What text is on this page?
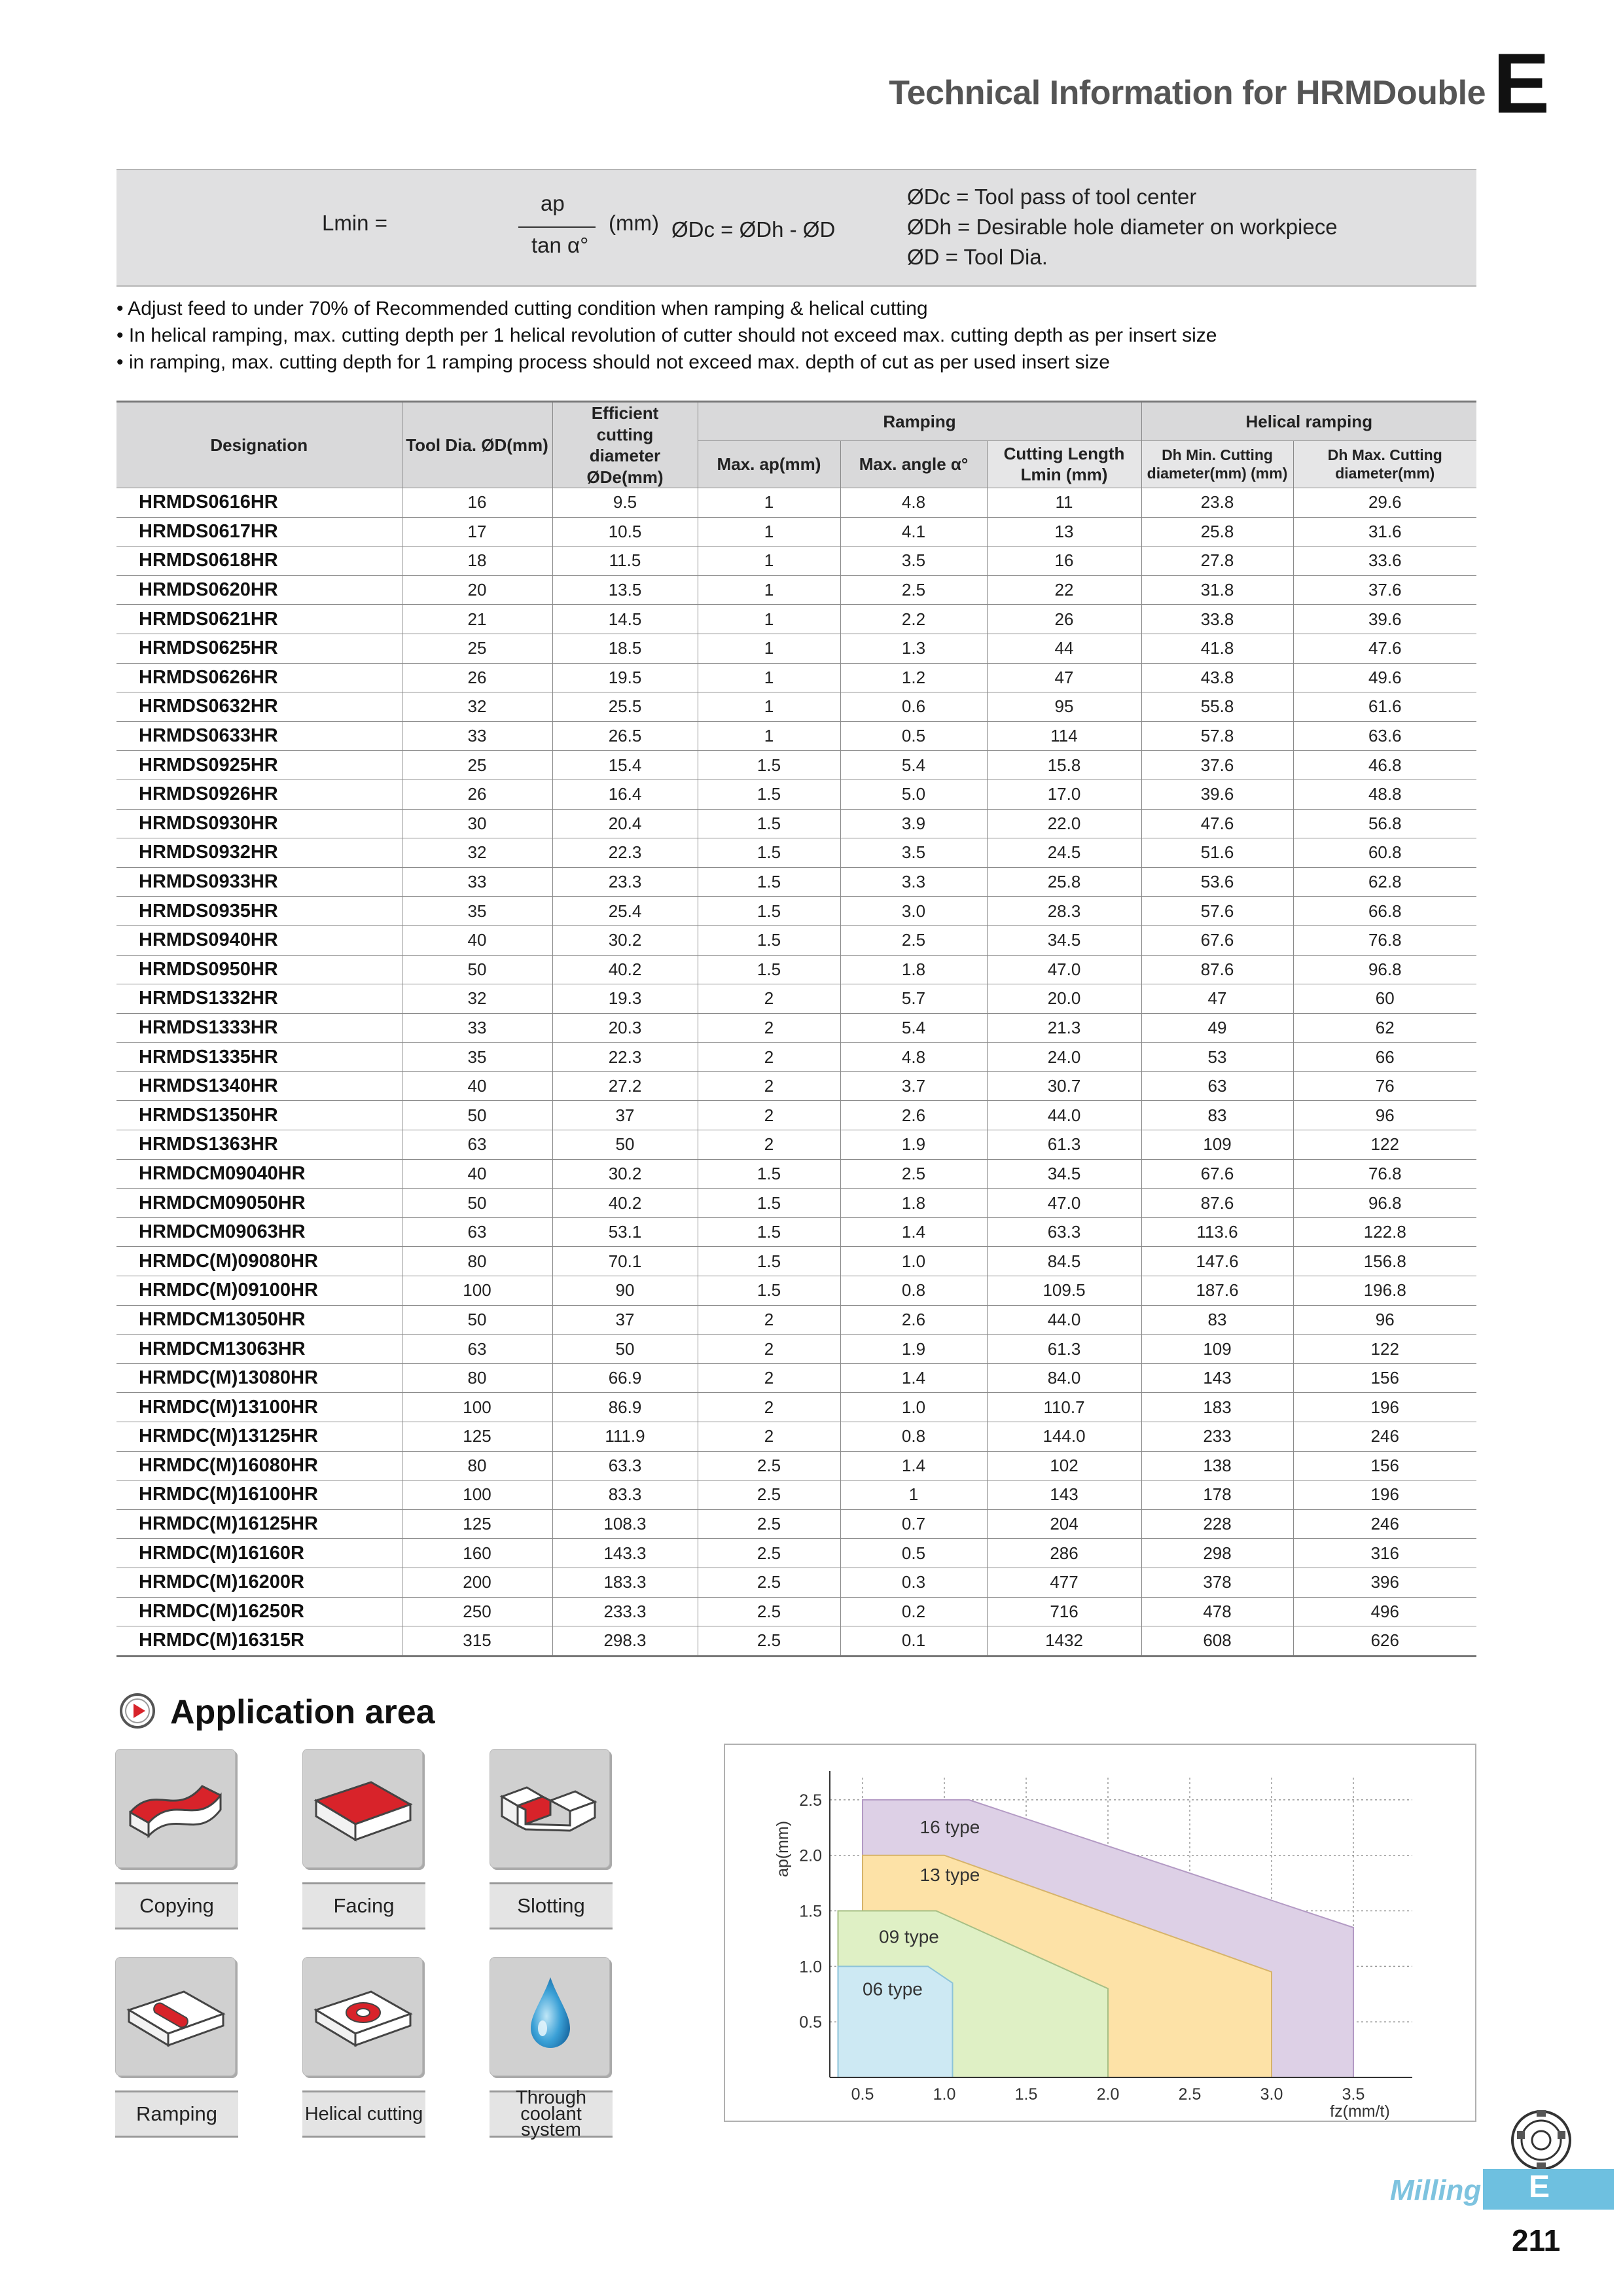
Technical Information for HRMDouble E
Lmin =
ap
tan α°
(mm) ØDc = ØDh - ØD
ØDc = Tool pass of tool center
ØDh = Desirable hole diameter on workpiece
ØD = Tool Dia.
• Adjust feed to under 70% of Recommended cutting condition when ramping & helical cutting
• In helical ramping, max. cutting depth per 1 helical revolution of cutter should not exceed max. cutting depth as per insert size
• in ramping, max. cutting depth for 1 ramping process should not exceed max. depth of cut as per used insert size
Designation	Tool Dia. ØD(mm)	Efficient cutting diameter ØDe(mm)	Ramping			Helical ramping	
			Max. ap(mm)	Max. angle α°	Cutting Length Lmin (mm)	Dh Min. Cutting diameter(mm) (mm)	Dh Max. Cutting diameter(mm)
HRMDS0616HR	16	9.5	1	4.8	11	23.8	29.6
HRMDS0617HR	17	10.5	1	4.1	13	25.8	31.6
HRMDS0618HR	18	11.5	1	3.5	16	27.8	33.6
HRMDS0620HR	20	13.5	1	2.5	22	31.8	37.6
HRMDS0621HR	21	14.5	1	2.2	26	33.8	39.6
HRMDS0625HR	25	18.5	1	1.3	44	41.8	47.6
HRMDS0626HR	26	19.5	1	1.2	47	43.8	49.6
HRMDS0632HR	32	25.5	1	0.6	95	55.8	61.6
HRMDS0633HR	33	26.5	1	0.5	114	57.8	63.6
HRMDS0925HR	25	15.4	1.5	5.4	15.8	37.6	46.8
HRMDS0926HR	26	16.4	1.5	5.0	17.0	39.6	48.8
HRMDS0930HR	30	20.4	1.5	3.9	22.0	47.6	56.8
HRMDS0932HR	32	22.3	1.5	3.5	24.5	51.6	60.8
HRMDS0933HR	33	23.3	1.5	3.3	25.8	53.6	62.8
HRMDS0935HR	35	25.4	1.5	3.0	28.3	57.6	66.8
HRMDS0940HR	40	30.2	1.5	2.5	34.5	67.6	76.8
HRMDS0950HR	50	40.2	1.5	1.8	47.0	87.6	96.8
HRMDS1332HR	32	19.3	2	5.7	20.0	47	60
HRMDS1333HR	33	20.3	2	5.4	21.3	49	62
HRMDS1335HR	35	22.3	2	4.8	24.0	53	66
HRMDS1340HR	40	27.2	2	3.7	30.7	63	76
HRMDS1350HR	50	37	2	2.6	44.0	83	96
HRMDS1363HR	63	50	2	1.9	61.3	109	122
HRMDCM09040HR	40	30.2	1.5	2.5	34.5	67.6	76.8
HRMDCM09050HR	50	40.2	1.5	1.8	47.0	87.6	96.8
HRMDCM09063HR	63	53.1	1.5	1.4	63.3	113.6	122.8
HRMDC(M)09080HR	80	70.1	1.5	1.0	84.5	147.6	156.8
HRMDC(M)09100HR	100	90	1.5	0.8	109.5	187.6	196.8
HRMDCM13050HR	50	37	2	2.6	44.0	83	96
HRMDCM13063HR	63	50	2	1.9	61.3	109	122
HRMDC(M)13080HR	80	66.9	2	1.4	84.0	143	156
HRMDC(M)13100HR	100	86.9	2	1.0	110.7	183	196
HRMDC(M)13125HR	125	111.9	2	0.8	144.0	233	246
HRMDC(M)16080HR	80	63.3	2.5	1.4	102	138	156
HRMDC(M)16100HR	100	83.3	2.5	1	143	178	196
HRMDC(M)16125HR	125	108.3	2.5	0.7	204	228	246
HRMDC(M)16160R	160	143.3	2.5	0.5	286	298	316
HRMDC(M)16200R	200	183.3	2.5	0.3	477	378	396
HRMDC(M)16250R	250	233.3	2.5	0.2	716	478	496
HRMDC(M)16315R	315	298.3	2.5	0.1	1432	608	626
Application area
Copying	Facing	Slotting
Ramping	Helical cutting
Through coolant system
16 type
13 type
09 type
06 type
0.5
1.0
1.5
2.0
2.5
0.5	1.0	1.5	2.0	2.5	3.0	3.5
ap(mm)
fz(mm/t)
Milling E
211
